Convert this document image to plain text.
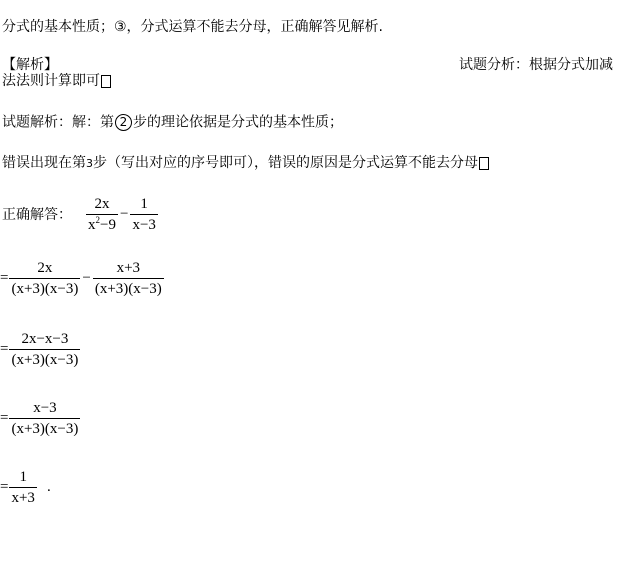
分式的基本性质；③，分式运算不能去分母，正确解答见解析.
【解析】	试题分析：根据分式加减
法法则计算即可
试题解析：解：第 2 步的理论依据是分式的基本性质；
错误出现在第3步（写出对应的序号即可），错误的原因是分式运算不能去分母
正确解答： $\frac{2x}{x^2-9} - \frac{1}{x-3}$
= $\frac{2x}{(x+3)(x-3)} - \frac{x+3}{(x+3)(x-3)}$
= $\frac{2x-x-3}{(x+3)(x-3)}$
= $\frac{x-3}{(x+3)(x-3)}$
= $\frac{1}{x+3}$ .
